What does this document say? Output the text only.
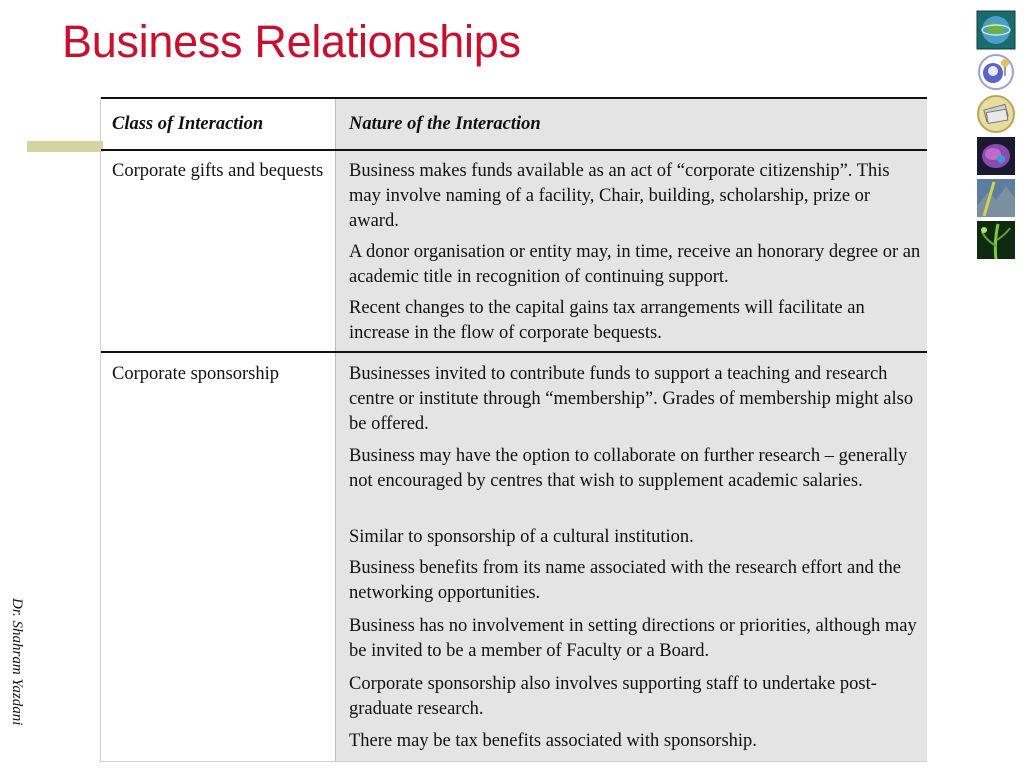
Business Relationships
Dr. Shahram Yazdani
Class of Interaction	Nature of the Interaction
Corporate gifts and bequests Business makes funds available as an act of “corporate citizenship”. This may involve naming of a facility, Chair, building, scholarship, prize or award.
A donor organisation or entity may, in time, receive an honorary degree or an academic title in recognition of continuing support.
Recent changes to the capital gains tax arrangements will facilitate an increase in the flow of corporate bequests.
Corporate sponsorship	Businesses invited to contribute funds to support a teaching and research centre or institute through “membership”. Grades of membership might also be offered.
Business may have the option to collaborate on further research – generally not encouraged by centres that wish to supplement academic salaries.
Similar to sponsorship of a cultural institution.
Business benefits from its name associated with the research effort and the networking opportunities.
Business has no involvement in setting directions or priorities, although may be invited to be a member of Faculty or a Board.
Corporate sponsorship also involves supporting staff to undertake post-graduate research.
There may be tax benefits associated with sponsorship.
